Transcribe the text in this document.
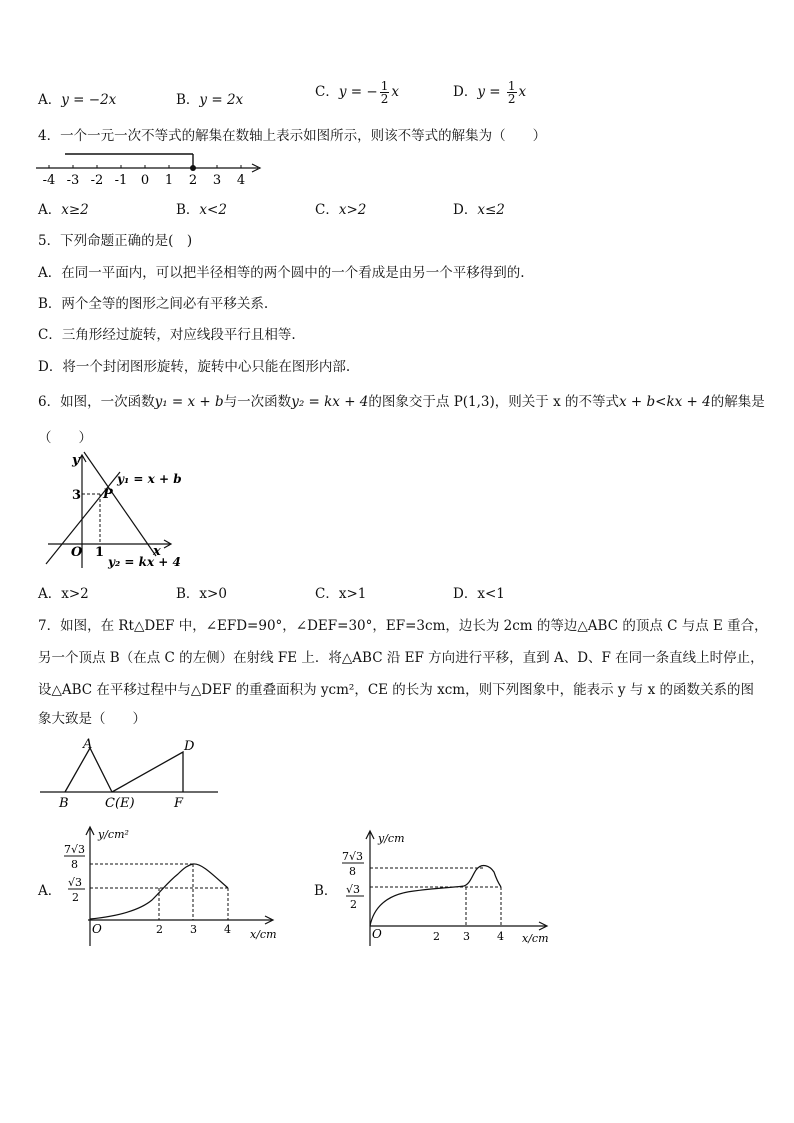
A．y = −2x	B．y = 2x	C．y = − $\frac{1}{2}$ x	D．$y = \frac{1}{2}$ x
4．一个一元一次不等式的解集在数轴上表示如图所示，则该不等式的解集为（　　）
-4 -3 -2 -1 0 1 2 3 4
A．x≥2	B．x<2	C．x>2	D．x≤2
5．下列命题正确的是(　)
A．在同一平面内，可以把半径相等的两个圆中的一个看成是由另一个平移得到的.
B．两个全等的图形之间必有平移关系.
C．三角形经过旋转，对应线段平行且相等.
D．将一个封闭图形旋转，旋转中心只能在图形内部.
6．如图，一次函数y₁ = x + b与一次函数y₂ = kx + 4的图象交于点 P(1,3)，则关于 x 的不等式x + b<kx + 4的解集是
（　　）
y
x
O 1
3 P
y₁ = x + b
y₂ = kx + 4
A．x>2	B．x>0	C．x>1	D．x<1
7．如图，在 Rt△DEF 中，∠EFD=90°，∠DEF=30°，EF=3cm，边长为 2cm 的等边△ABC 的顶点 C 与点 E 重合，
另一个顶点 B（在点 C 的左侧）在射线 FE 上．将△ABC 沿 EF 方向进行平移，直到 A、D、F 在同一条直线上时停止，
设△ABC 在平移过程中与△DEF 的重叠面积为 ycm²，CE 的长为 xcm，则下列图象中，能表示 y 与 x 的函数关系的图
象大致是（　　）
A
B	C(E)
D
F
A．
y/cm²
x/cm
O	2 3 4
7√3
8
√3
2	B．
y/cm
x/cm
O	2 3 4
7√3
8
√3
2
